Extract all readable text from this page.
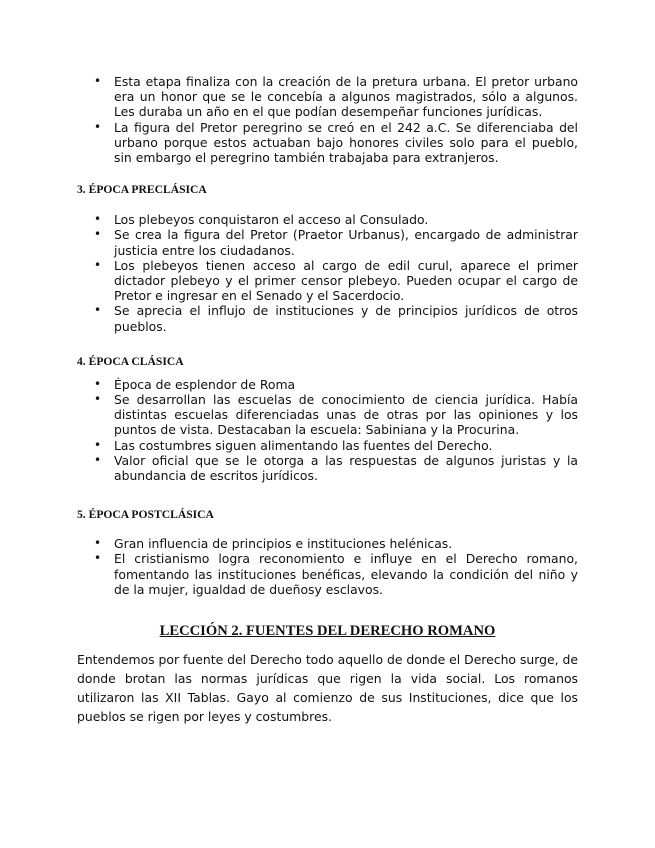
• Esta etapa finaliza con la creación de la pretura urbana. El pretor urbano era un honor que se le concebía a algunos magistrados, sólo a algunos. Les duraba un año en el que podían desempeñar funciones jurídicas.
• La figura del Pretor peregrino se creó en el 242 a.C. Se diferenciaba del urbano porque estos actuaban bajo honores civiles solo para el pueblo, sin embargo el peregrino también trabajaba para extranjeros.
3. ÉPOCA PRECLÁSICA
• Los plebeyos conquistaron el acceso al Consulado.
• Se crea la figura del Pretor (Praetor Urbanus), encargado de administrar justicia entre los ciudadanos.
• Los plebeyos tienen acceso al cargo de edil curul, aparece el primer dictador plebeyo y el primer censor plebeyo. Pueden ocupar el cargo de Pretor e ingresar en el Senado y el Sacerdocio.
• Se aprecia el influjo de instituciones y de principios jurídicos de otros pueblos.
4. ÉPOCA CLÁSICA
• Época de esplendor de Roma
• Se desarrollan las escuelas de conocimiento de ciencia jurídica. Había distintas escuelas diferenciadas unas de otras por las opiniones y los puntos de vista. Destacaban la escuela: Sabiniana y la Procurina.
• Las costumbres siguen alimentando las fuentes del Derecho.
• Valor oficial que se le otorga a las respuestas de algunos juristas y la abundancia de escritos jurídicos.
5. ÉPOCA POSTCLÁSICA
• Gran influencia de principios e instituciones helénicas.
• El cristianismo logra reconomiento e influye en el Derecho romano, fomentando las instituciones benéficas, elevando la condición del niño y de la mujer, igualdad de dueñosy esclavos.
LECCIÓN 2. FUENTES DEL DERECHO ROMANO

Entendemos por fuente del Derecho todo aquello de donde el Derecho surge, de donde brotan las normas jurídicas que rigen la vida social. Los romanos utilizaron las XII Tablas. Gayo al comienzo de sus Instituciones, dice que los pueblos se rigen por leyes y costumbres.
